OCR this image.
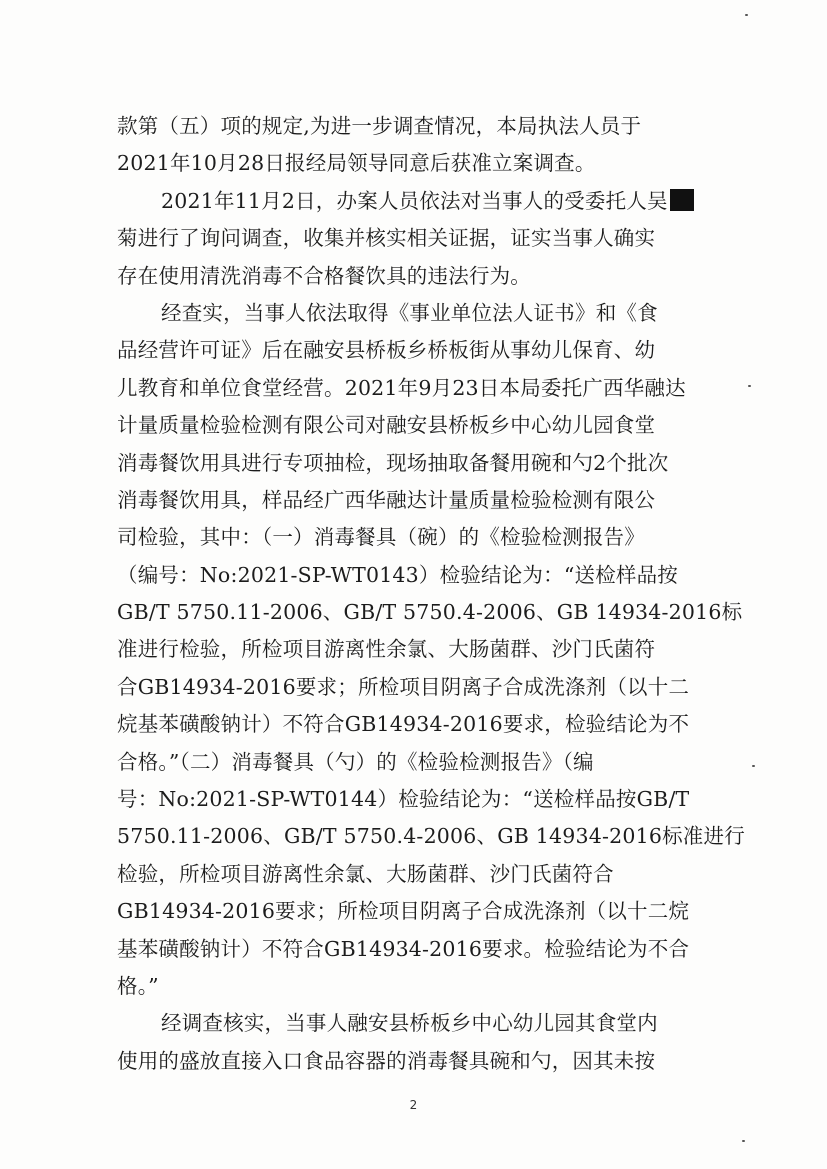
款第（五）项的规定,为进一步调查情况，本局执法人员于
2021年10月28日报经局领导同意后获准立案调查。
2021年11月2日，办案人员依法对当事人的受委托人吴
菊进行了询问调查，收集并核实相关证据，证实当事人确实
存在使用清洗消毒不合格餐饮具的违法行为。
经查实，当事人依法取得《事业单位法人证书》和《食
品经营许可证》后在融安县桥板乡桥板街从事幼儿保育、幼
儿教育和单位食堂经营。2021年9月23日本局委托广西华融达
计量质量检验检测有限公司对融安县桥板乡中心幼儿园食堂
消毒餐饮用具进行专项抽检，现场抽取备餐用碗和勺2个批次
消毒餐饮用具，样品经广西华融达计量质量检验检测有限公
司检验，其中：（一）消毒餐具（碗）的《检验检测报告》
（编号：No:2021-SP-WT0143）检验结论为：“送检样品按
GB/T 5750.11-2006、GB/T 5750.4-2006、GB 14934-2016标
准进行检验，所检项目游离性余氯、大肠菌群、沙门氏菌符
合GB14934-2016要求；所检项目阴离子合成洗涤剂（以十二
烷基苯磺酸钠计）不符合GB14934-2016要求，检验结论为不
合格。”（二）消毒餐具（勺）的《检验检测报告》（编
号：No:2021-SP-WT0144）检验结论为：“送检样品按GB/T
5750.11-2006、GB/T 5750.4-2006、GB 14934-2016标准进行
检验，所检项目游离性余氯、大肠菌群、沙门氏菌符合
GB14934-2016要求；所检项目阴离子合成洗涤剂（以十二烷
基苯磺酸钠计）不符合GB14934-2016要求。检验结论为不合
格。”
经调查核实，当事人融安县桥板乡中心幼儿园其食堂内
使用的盛放直接入口食品容器的消毒餐具碗和勺，因其未按
2
